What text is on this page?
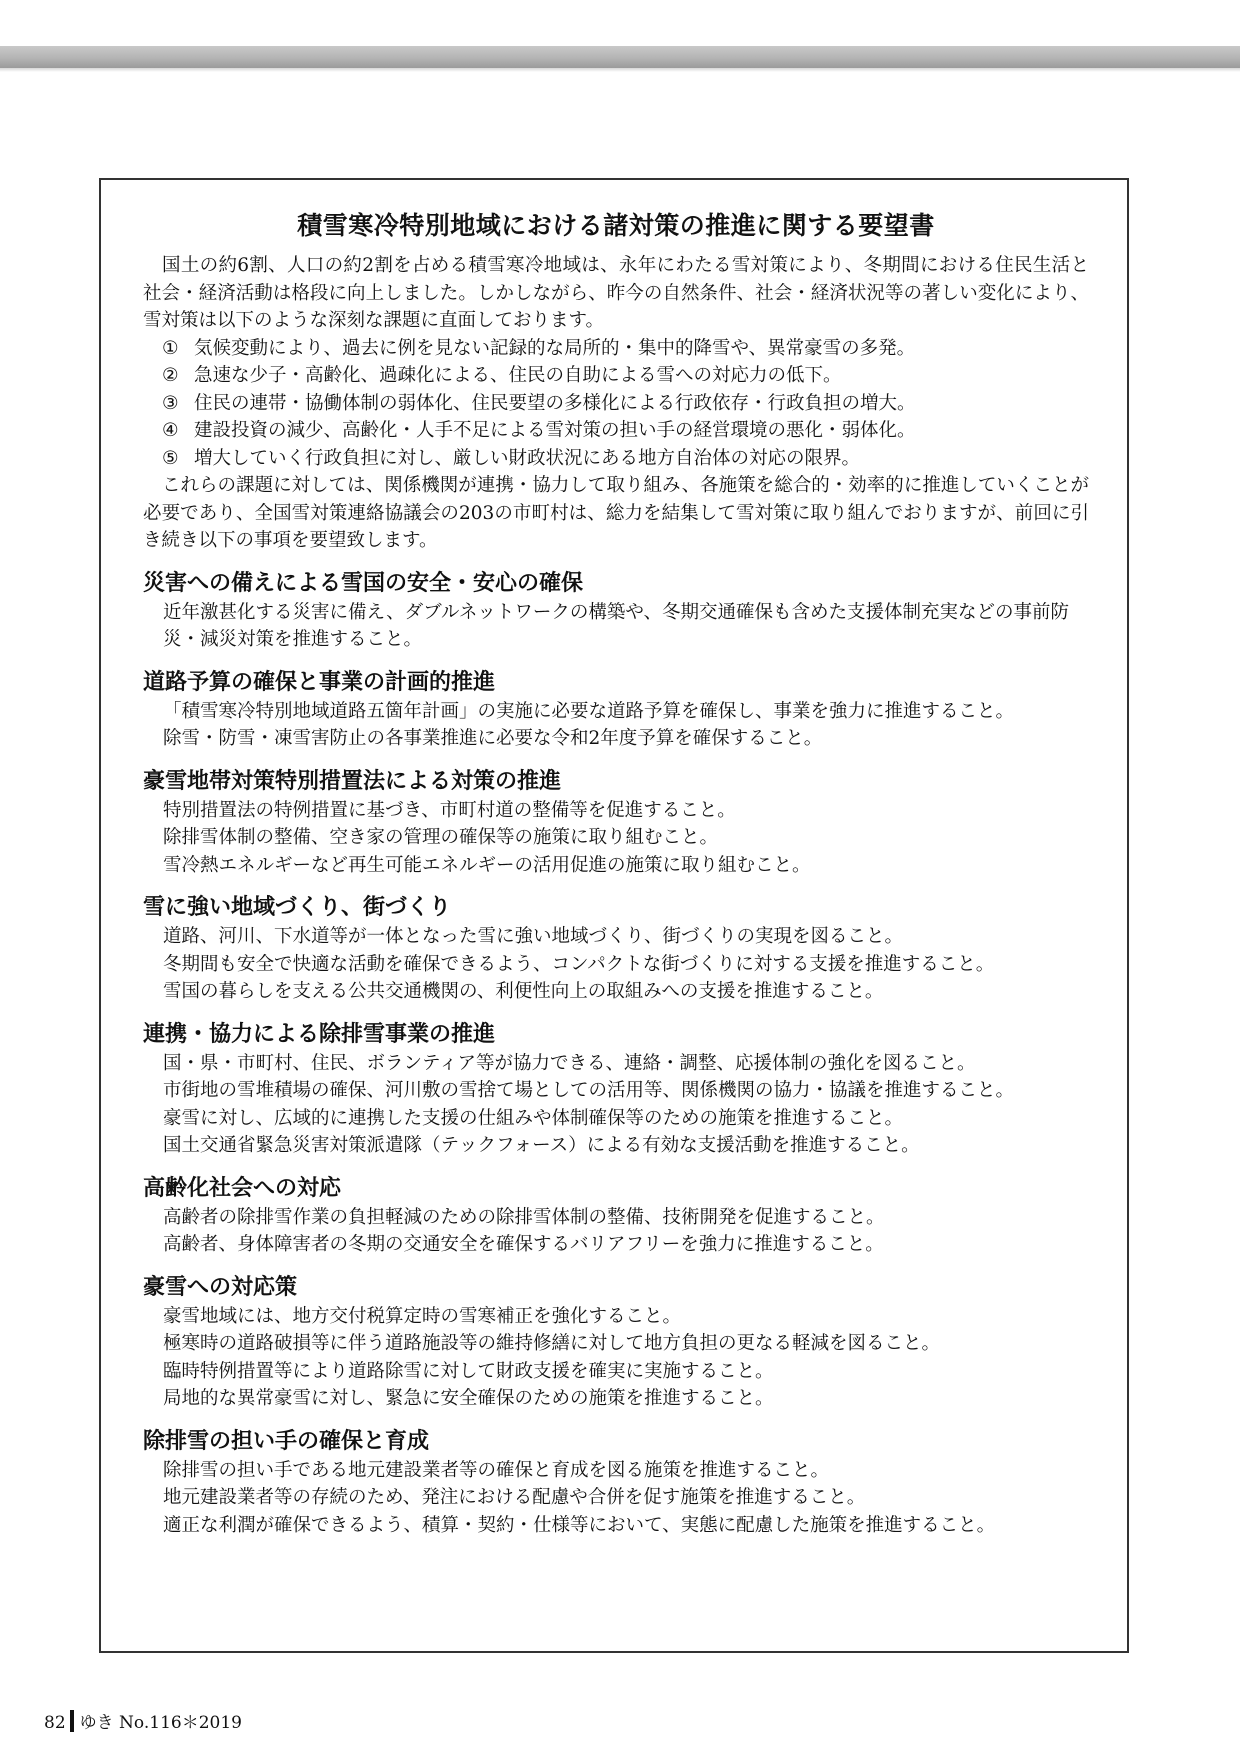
積雪寒冷特別地域における諸対策の推進に関する要望書

国土の約6割、人口の約2割を占める積雪寒冷地域は、永年にわたる雪対策により、冬期間における住民生活と社会・経済活動は格段に向上しました。しかしながら、昨今の自然条件、社会・経済状況等の著しい変化により、雪対策は以下のような深刻な課題に直面しております。

① 気候変動により、過去に例を見ない記録的な局所的・集中的降雪や、異常豪雪の多発。
② 急速な少子・高齢化、過疎化による、住民の自助による雪への対応力の低下。
③ 住民の連帯・協働体制の弱体化、住民要望の多様化による行政依存・行政負担の増大。
④ 建設投資の減少、高齢化・人手不足による雪対策の担い手の経営環境の悪化・弱体化。
⑤ 増大していく行政負担に対し、厳しい財政状況にある地方自治体の対応の限界。

これらの課題に対しては、関係機関が連携・協力して取り組み、各施策を総合的・効率的に推進していくことが必要であり、全国雪対策連絡協議会の203の市町村は、総力を結集して雪対策に取り組んでおりますが、前回に引き続き以下の事項を要望致します。

災害への備えによる雪国の安全・安心の確保

近年激甚化する災害に備え、ダブルネットワークの構築や、冬期交通確保も含めた支援体制充実などの事前防災・減災対策を推進すること。

道路予算の確保と事業の計画的推進

「積雪寒冷特別地域道路五箇年計画」の実施に必要な道路予算を確保し、事業を強力に推進すること。

除雪・防雪・凍雪害防止の各事業推進に必要な令和2年度予算を確保すること。

豪雪地帯対策特別措置法による対策の推進

特別措置法の特例措置に基づき、市町村道の整備等を促進すること。

除排雪体制の整備、空き家の管理の確保等の施策に取り組むこと。

雪冷熱エネルギーなど再生可能エネルギーの活用促進の施策に取り組むこと。

雪に強い地域づくり、街づくり

道路、河川、下水道等が一体となった雪に強い地域づくり、街づくりの実現を図ること。

冬期間も安全で快適な活動を確保できるよう、コンパクトな街づくりに対する支援を推進すること。

雪国の暮らしを支える公共交通機関の、利便性向上の取組みへの支援を推進すること。

連携・協力による除排雪事業の推進

国・県・市町村、住民、ボランティア等が協力できる、連絡・調整、応援体制の強化を図ること。

市街地の雪堆積場の確保、河川敷の雪捨て場としての活用等、関係機関の協力・協議を推進すること。

豪雪に対し、広域的に連携した支援の仕組みや体制確保等のための施策を推進すること。

国土交通省緊急災害対策派遣隊（テックフォース）による有効な支援活動を推進すること。

高齢化社会への対応

高齢者の除排雪作業の負担軽減のための除排雪体制の整備、技術開発を促進すること。

高齢者、身体障害者の冬期の交通安全を確保するバリアフリーを強力に推進すること。

豪雪への対応策

豪雪地域には、地方交付税算定時の雪寒補正を強化すること。

極寒時の道路破損等に伴う道路施設等の維持修繕に対して地方負担の更なる軽減を図ること。

臨時特例措置等により道路除雪に対して財政支援を確実に実施すること。

局地的な異常豪雪に対し、緊急に安全確保のための施策を推進すること。

除排雪の担い手の確保と育成

除排雪の担い手である地元建設業者等の確保と育成を図る施策を推進すること。

地元建設業者等の存続のため、発注における配慮や合併を促す施策を推進すること。

適正な利潤が確保できるよう、積算・契約・仕様等において、実態に配慮した施策を推進すること。

82 ゆき No.116＊2019
